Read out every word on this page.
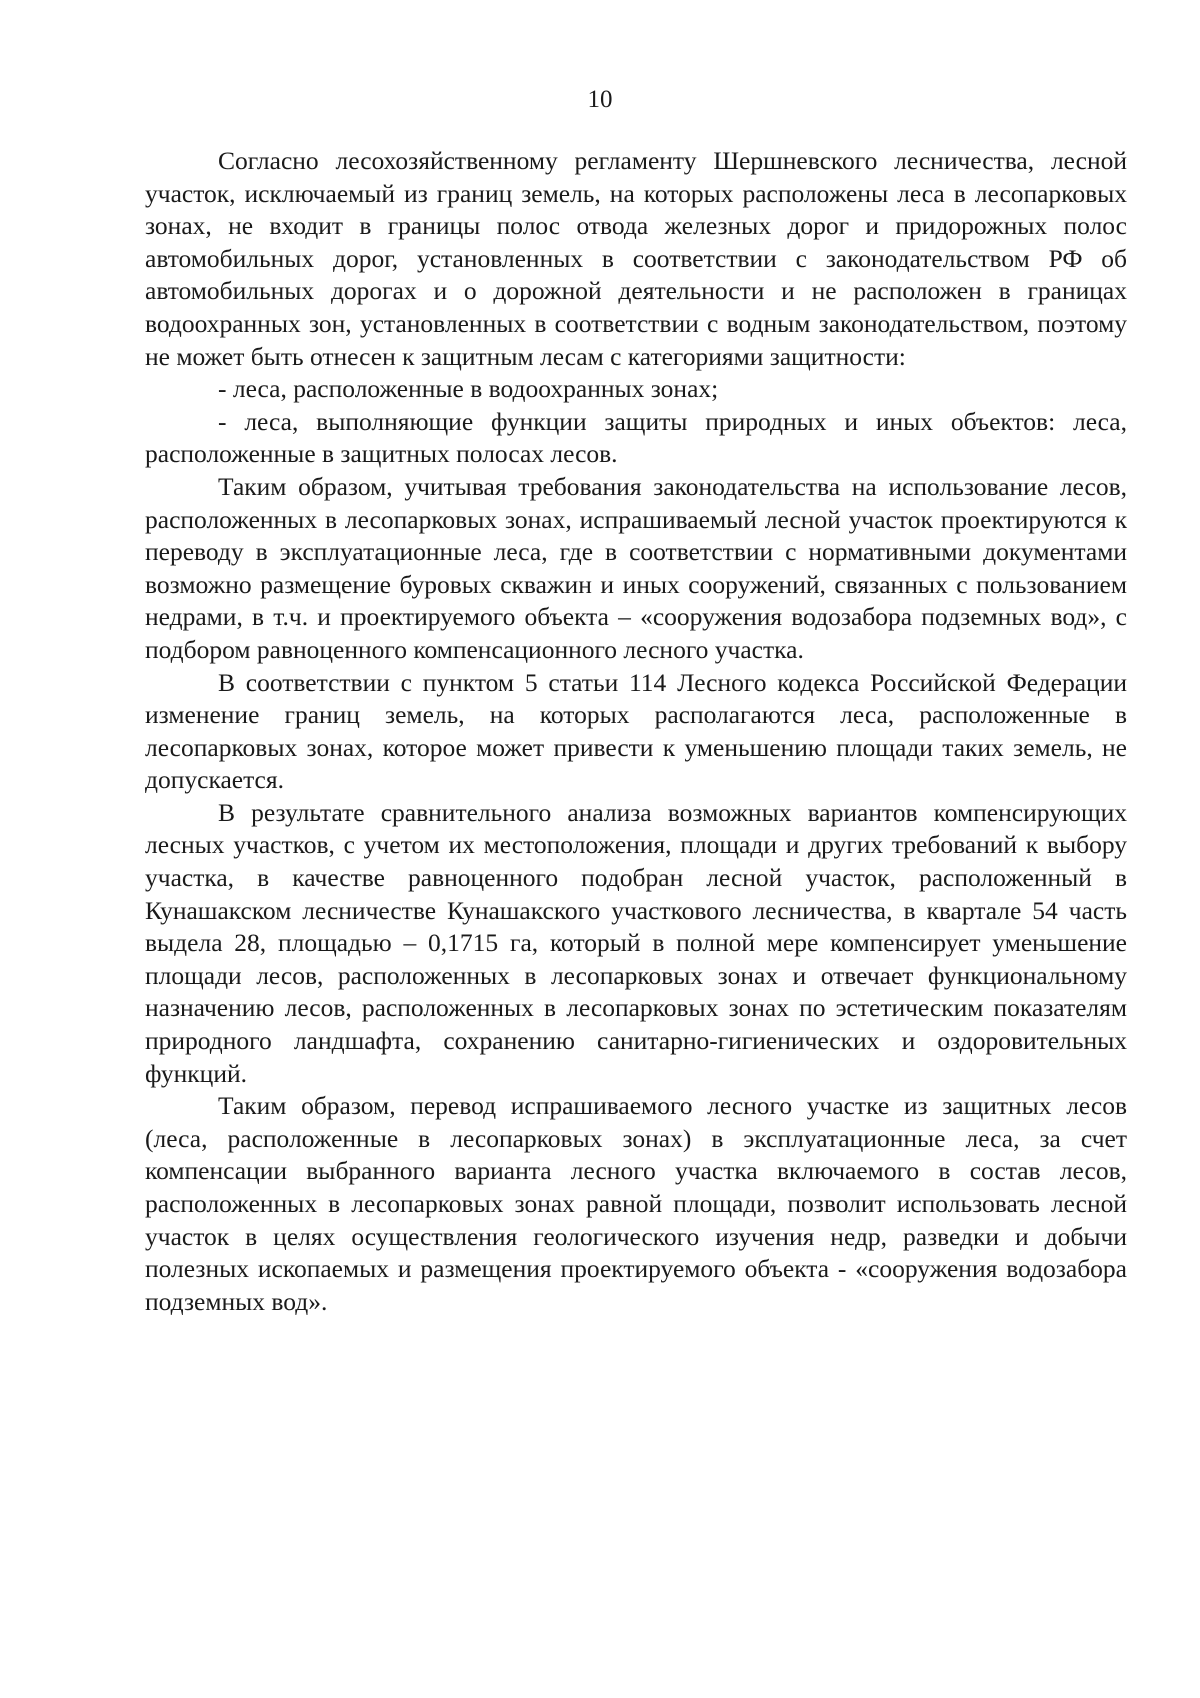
10

Согласно лесохозяйственному регламенту Шершневского лесничества, лесной участок, исключаемый из границ земель, на которых расположены леса в лесопарковых зонах, не входит в границы полос отвода железных дорог и придорожных полос автомобильных дорог, установленных в соответствии с законодательством РФ об автомобильных дорогах и о дорожной деятельности и не расположен в границах водоохранных зон, установленных в соответствии с водным законодательством, поэтому не может быть отнесен к защитным лесам с категориями защитности:

- леса, расположенные в водоохранных зонах;

- леса, выполняющие функции защиты природных и иных объектов: леса, расположенные в защитных полосах лесов.

Таким образом, учитывая требования законодательства на использование лесов, расположенных в лесопарковых зонах, испрашиваемый лесной участок проектируются к переводу в эксплуатационные леса, где в соответствии с нормативными документами возможно размещение буровых скважин и иных сооружений, связанных с пользованием недрами, в т.ч. и проектируемого объекта – «сооружения водозабора подземных вод», с подбором равноценного компенсационного лесного участка.

В соответствии с пунктом 5 статьи 114 Лесного кодекса Российской Федерации изменение границ земель, на которых располагаются леса, расположенные в лесопарковых зонах, которое может привести к уменьшению площади таких земель, не допускается.

В результате сравнительного анализа возможных вариантов компенсирующих лесных участков, с учетом их местоположения, площади и других требований к выбору участка, в качестве равноценного подобран лесной участок, расположенный в Кунашакском лесничестве Кунашакского участкового лесничества, в квартале 54 часть выдела 28, площадью – 0,1715 га, который в полной мере компенсирует уменьшение площади лесов, расположенных в лесопарковых зонах и отвечает функциональному назначению лесов, расположенных в лесопарковых зонах по эстетическим показателям природного ландшафта, сохранению санитарно-гигиенических и оздоровительных функций.

Таким образом, перевод испрашиваемого лесного участке из защитных лесов (леса, расположенные в лесопарковых зонах) в эксплуатационные леса, за счет компенсации выбранного варианта лесного участка включаемого в состав лесов, расположенных в лесопарковых зонах равной площади, позволит использовать лесной участок в целях осуществления геологического изучения недр, разведки и добычи полезных ископаемых и размещения проектируемого объекта - «сооружения водозабора подземных вод».
